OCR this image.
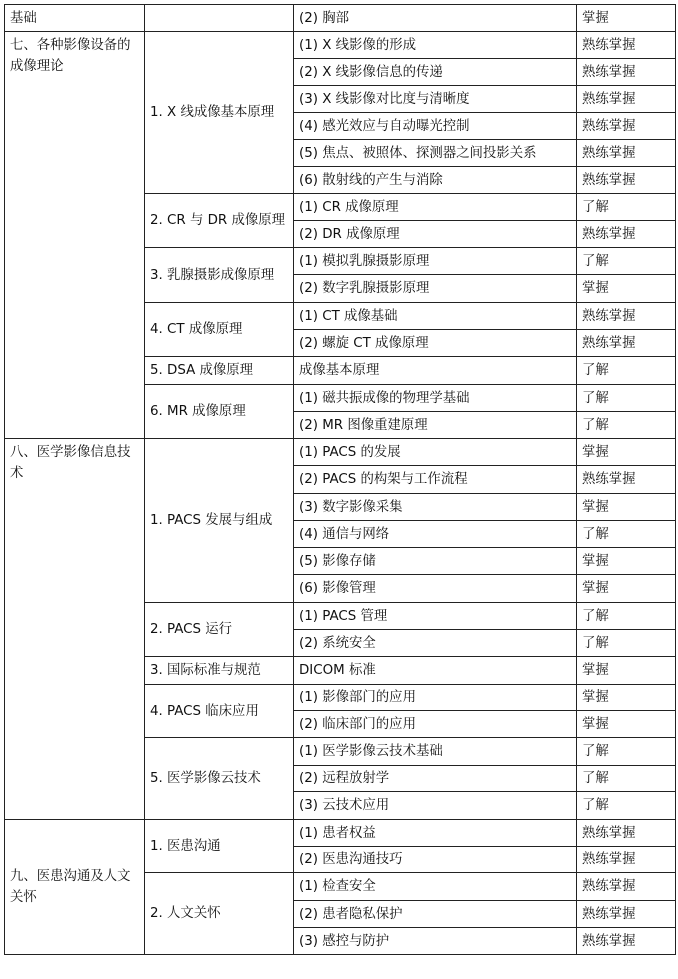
基础		(2) 胸部	掌握
七、各种影像设备的成像理论	1. X 线成像基本原理	(1) X 线影像的形成	熟练掌握
		(2) X 线影像信息的传递	熟练掌握
		(3) X 线影像对比度与清晰度	熟练掌握
		(4) 感光效应与自动曝光控制	熟练掌握
		(5) 焦点、被照体、探测器之间投影关系	熟练掌握
		(6) 散射线的产生与消除	熟练掌握
	2. CR 与 DR 成像原理	(1) CR 成像原理	了解
		(2) DR 成像原理	熟练掌握
	3. 乳腺摄影成像原理	(1) 模拟乳腺摄影原理	了解
		(2) 数字乳腺摄影原理	掌握
	4. CT 成像原理	(1) CT 成像基础	熟练掌握
		(2) 螺旋 CT 成像原理	熟练掌握
	5. DSA 成像原理	成像基本原理	了解
	6. MR 成像原理	(1) 磁共振成像的物理学基础	了解
		(2) MR 图像重建原理	了解
八、医学影像信息技术	1. PACS 发展与组成	(1) PACS 的发展	掌握
		(2) PACS 的构架与工作流程	熟练掌握
		(3) 数字影像采集	掌握
		(4) 通信与网络	了解
		(5) 影像存储	掌握
		(6) 影像管理	掌握
	2. PACS 运行	(1) PACS 管理	了解
		(2) 系统安全	了解
	3. 国际标准与规范	DICOM 标准	掌握
	4. PACS 临床应用	(1) 影像部门的应用	掌握
		(2) 临床部门的应用	掌握
	5. 医学影像云技术	(1) 医学影像云技术基础	了解
		(2) 远程放射学	了解
		(3) 云技术应用	了解
九、医患沟通及人文关怀	1. 医患沟通	(1) 患者权益	熟练掌握
		(2) 医患沟通技巧	熟练掌握
	2. 人文关怀	(1) 检查安全	熟练掌握
		(2) 患者隐私保护	熟练掌握
		(3) 感控与防护	熟练掌握
